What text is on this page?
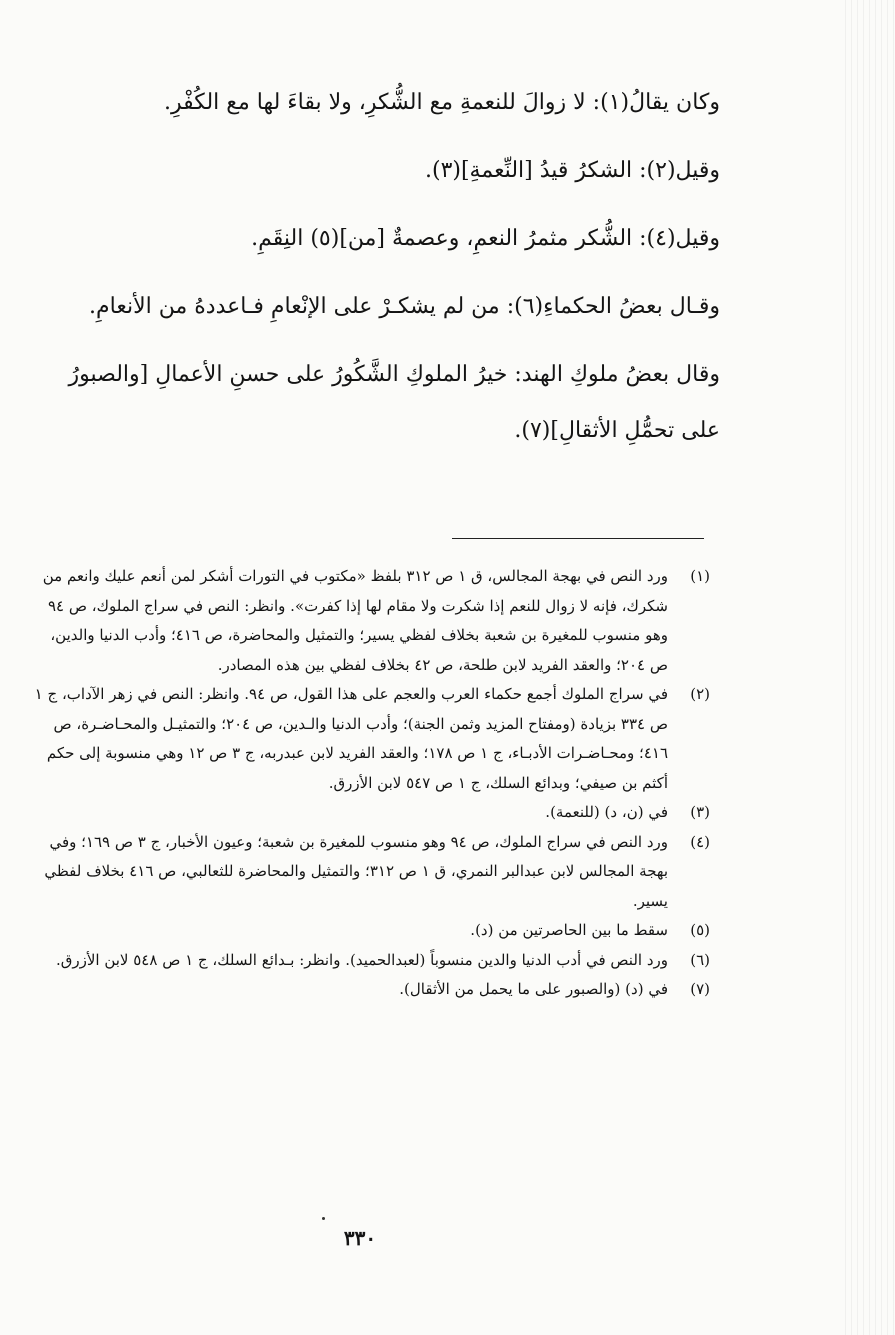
وكان يقالُ(١): لا زوالَ للنعمةِ مع الشُّكرِ، ولا بقاءَ لها مع الكُفْرِ.

وقيل(٢): الشكرُ قيدُ [النِّعمةِ](٣).

وقيل(٤): الشُّكر مثمرُ النعمِ، وعصمةٌ [من](٥) النِقَمِ.

وقـال بعضُ الحكماءِ(٦): من لم يشكـرْ على الإنْعامِ فـاعددهُ من الأنعامِ.

وقال بعضُ ملوكِ الهند: خيرُ الملوكِ الشَّكُورُ على حسنِ الأعمالِ [والصبورُ على تحمُّلِ الأثقالِ](٧).

(١)
ورد النص في بهجة المجالس، ق ١ ص ٣١٢ بلفظ «مكتوب في التورات أشكر لمن أنعم عليك وانعم من شكرك، فإنه لا زوال للنعم إذا شكرت ولا مقام لها إذا كفرت». وانظر: النص في سراج الملوك، ص ٩٤ وهو منسوب للمغيرة بن شعبة بخلاف لفظي يسير؛ والتمثيل والمحاضرة، ص ٤١٦؛ وأدب الدنيا والدين، ص ٢٠٤؛ والعقد الفريد لابن طلحة، ص ٤٢ بخلاف لفظي بين هذه المصادر.
(٢)
في سراج الملوك أجمع حكماء العرب والعجم على هذا القول، ص ٩٤. وانظر: النص في زهر الآداب، ج ١ ص ٣٣٤ بزيادة (ومفتاح المزيد وثمن الجنة)؛ وأدب الدنيا والـدين، ص ٢٠٤؛ والتمثيـل والمحـاضـرة، ص ٤١٦؛ ومحـاضـرات الأدبـاء، ج ١ ص ١٧٨؛ والعقد الفريد لابن عبدربه، ج ٣ ص ١٢ وهي منسوبة إلى حكم أكثم بن صيفي؛ وبدائع السلك، ج ١ ص ٥٤٧ لابن الأزرق.
(٣)
في (ن، د) (للنعمة).
(٤)
ورد النص في سراج الملوك، ص ٩٤ وهو منسوب للمغيرة بن شعبة؛ وعيون الأخبار، ج ٣ ص ١٦٩؛ وفي بهجة المجالس لابن عبدالبر النمري، ق ١ ص ٣١٢؛ والتمثيل والمحاضرة للثعالبي، ص ٤١٦ بخلاف لفظي يسير.
(٥)
سقط ما بين الحاصرتين من (د).
(٦)
ورد النص في أدب الدنيا والدين منسوباً (لعبدالحميد). وانظر: بـدائع السلك، ج ١ ص ٥٤٨ لابن الأزرق.
(٧)
في (د) (والصبور على ما يحمل من الأثقال).
٣٣٠
